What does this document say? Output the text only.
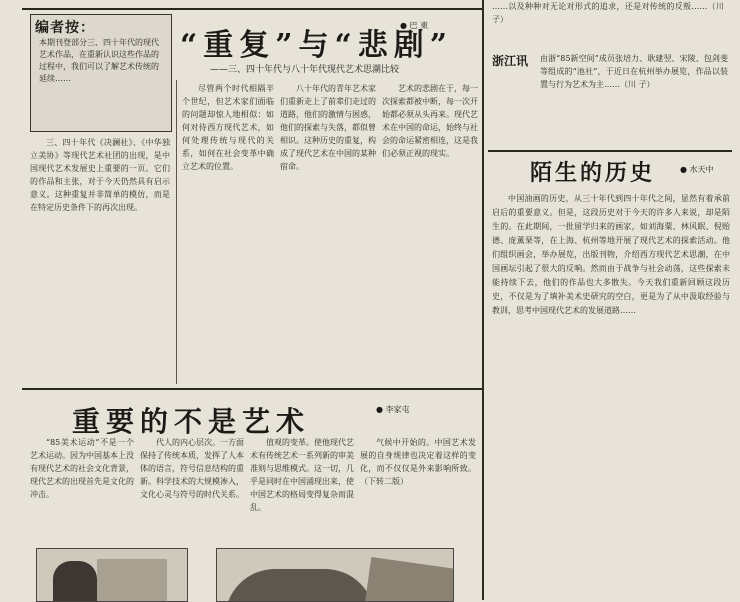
编者按：
本期刊登部分三、四十年代的现代艺术作品，在重新认识这些作品的过程中，我们可以了解艺术传统的延续……
“重复”与“悲剧”
● 巴 東
——三、四十年代与八十年代现代艺术思潮比较

三、四十年代《决澜社》、《中华独立美协》等现代艺术社团的出现，是中国现代艺术发展史上重要的一页。它们的作品和主张，对于今天仍然具有启示意义。这种重复并非简单的模仿，而是在特定历史条件下的再次出现。

尽管两个时代相隔半个世纪，但艺术家们面临的问题却惊人地相似：如何对待西方现代艺术，如何处理传统与现代的关系，如何在社会变革中确立艺术的位置。

八十年代的青年艺术家们重新走上了前辈们走过的道路，他们的激情与困惑，他们的探索与失落，都似曾相识。这种历史的重复，构成了现代艺术在中国的某种宿命。

艺术的悲剧在于，每一次探索都被中断，每一次开始都必须从头再来。现代艺术在中国的命运，始终与社会的命运紧密相连，这是我们必须正视的现实。

重要的不是艺术	● 李家屯

“85美术运动”不是一个艺术运动。因为中国基本上没有现代艺术的社会文化背景，现代艺术的出现首先是文化的冲击。

代人的内心层次。一方面保持了传统本质，发挥了人本体的语言，符号信息结构的重新。科学技术的大规模渗入，文化心灵与符号的时代关系。

值观的变革。使他现代艺术有传统艺术一系列新的审美准则与思维模式。这一切，几乎是同时在中国涌现出来，使中国艺术的格局变得复杂而混乱。

气候中开始的。中国艺术发展的自身规律也决定着这样的变化，而不仅仅是外来影响所致。（下转二版）

……以及种种对无论对形式的追求，还是对传统的反叛……（川 子）
浙江讯 由浙“85新空间”成员张培力、耿建翌、宋陵、包剑斐等组成的“池社”，于近日在杭州举办展览，作品以装置与行为艺术为主……（川 子）
陌生的历史	● 水天中

中国油画的历史，从三十年代到四十年代之间，显然有着承前启后的重要意义。但是，这段历史对于今天的许多人来说，却是陌生的。在此期间，一批留学归来的画家，如刘海粟、林风眠、倪贻德、庞薰琹等，在上海、杭州等地开展了现代艺术的探索活动。他们组织画会，举办展览，出版刊物，介绍西方现代艺术思潮，在中国画坛引起了很大的反响。然而由于战争与社会动荡，这些探索未能持续下去，他们的作品也大多散失。今天我们重新回顾这段历史，不仅是为了填补美术史研究的空白，更是为了从中汲取经验与教训，思考中国现代艺术的发展道路……
